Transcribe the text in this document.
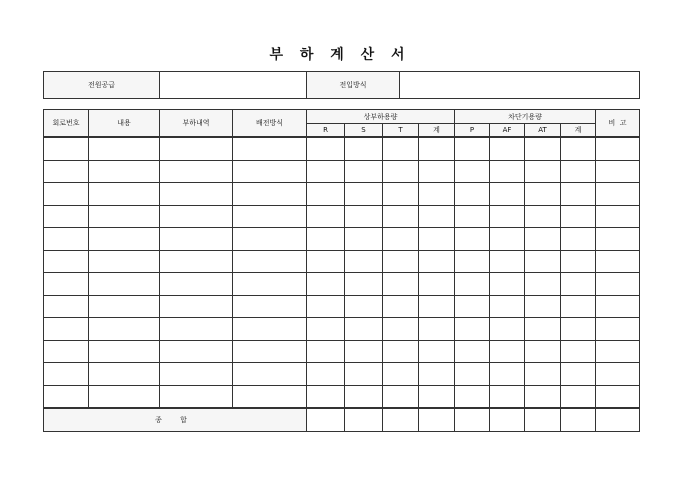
부 하 계 산 서
전원공급		전입방식	
회로번호	내용	부하내역	배전방식	상부하용량				차단기용량				비  고
				R	S	T	계	P	AF	AT	계	

종 합												
